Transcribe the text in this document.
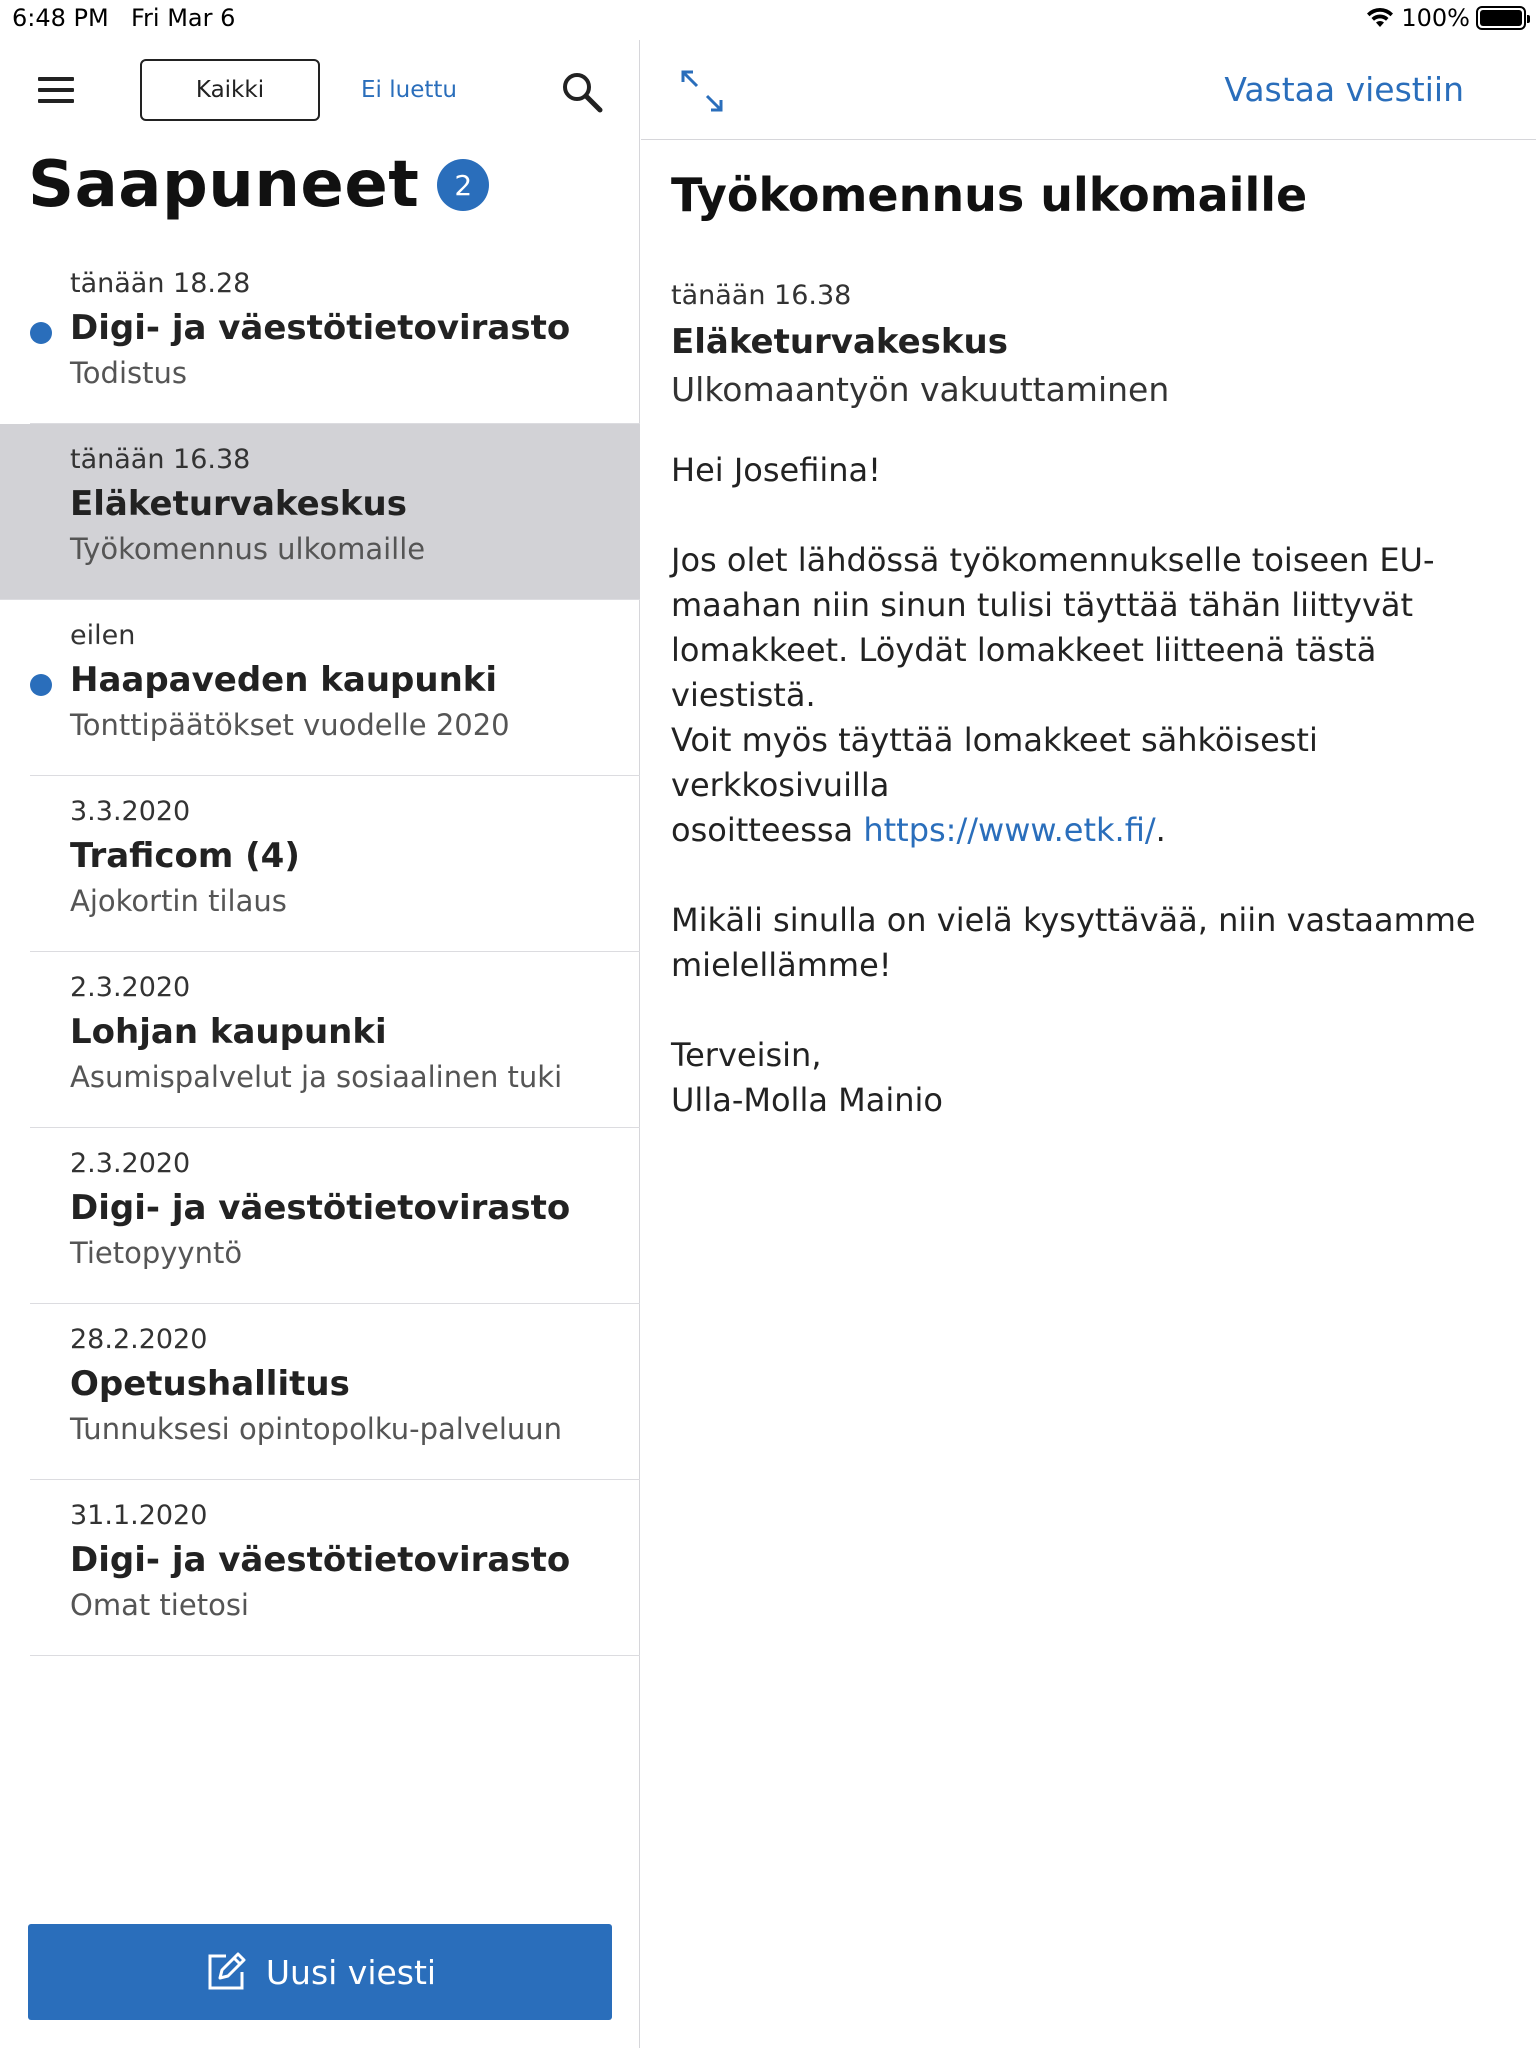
6:48 PM Fri Mar 6	100%
Kaikki	Ei luettu
Saapuneet	2
tänään 18.28
Digi- ja väestötietovirasto
Todistus
tänään 16.38
Eläketurvakeskus
Työkomennus ulkomaille
eilen
Haapaveden kaupunki
Tonttipäätökset vuodelle 2020
3.3.2020
Traficom (4)
Ajokortin tilaus
2.3.2020
Lohjan kaupunki
Asumispalvelut ja sosiaalinen tuki
2.3.2020
Digi- ja väestötietovirasto
Tietopyyntö
28.2.2020
Opetushallitus
Tunnuksesi opintopolku-palveluun
31.1.2020
Digi- ja väestötietovirasto
Omat tietosi
Uusi viesti
Vastaa viestiin
Työkomennus ulkomaille
tänään 16.38
Eläketurvakeskus
Ulkomaantyön vakuuttaminen

Hei Josefiina!

Jos olet lähdössä työkomennukselle toiseen EU-
maahan niin sinun tulisi täyttää tähän liittyvät
lomakkeet. Löydät lomakkeet liitteenä tästä viestistä.
Voit myös täyttää lomakkeet sähköisesti verkkosivuilla
osoitteessa https://www.etk.fi/.

Mikäli sinulla on vielä kysyttävää, niin vastaamme
mielellämme!

Terveisin,
Ulla-Molla Mainio
